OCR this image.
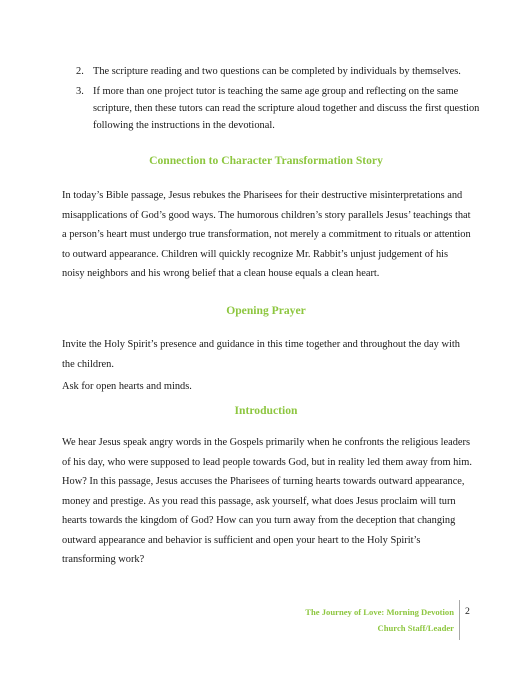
2. The scripture reading and two questions can be completed by individuals by themselves.
3. If more than one project tutor is teaching the same age group and reflecting on the same scripture, then these tutors can read the scripture aloud together and discuss the first question following the instructions in the devotional.
Connection to Character Transformation Story

In today’s Bible passage, Jesus rebukes the Pharisees for their destructive misinterpretations and misapplications of God’s good ways. The humorous children’s story parallels Jesus’ teachings that a person’s heart must undergo true transformation, not merely a commitment to rituals or attention to outward appearance. Children will quickly recognize Mr. Rabbit’s unjust judgement of his noisy neighbors and his wrong belief that a clean house equals a clean heart.

Opening Prayer

Invite the Holy Spirit’s presence and guidance in this time together and throughout the day with the children.

Ask for open hearts and minds.

Introduction

We hear Jesus speak angry words in the Gospels primarily when he confronts the religious leaders of his day, who were supposed to lead people towards God, but in reality led them away from him. How? In this passage, Jesus accuses the Pharisees of turning hearts towards outward appearance, money and prestige. As you read this passage, ask yourself, what does Jesus proclaim will turn hearts towards the kingdom of God? How can you turn away from the deception that changing outward appearance and behavior is sufficient and open your heart to the Holy Spirit’s transforming work?

The Journey of Love: Morning Devotion
Church Staff/Leader
2
